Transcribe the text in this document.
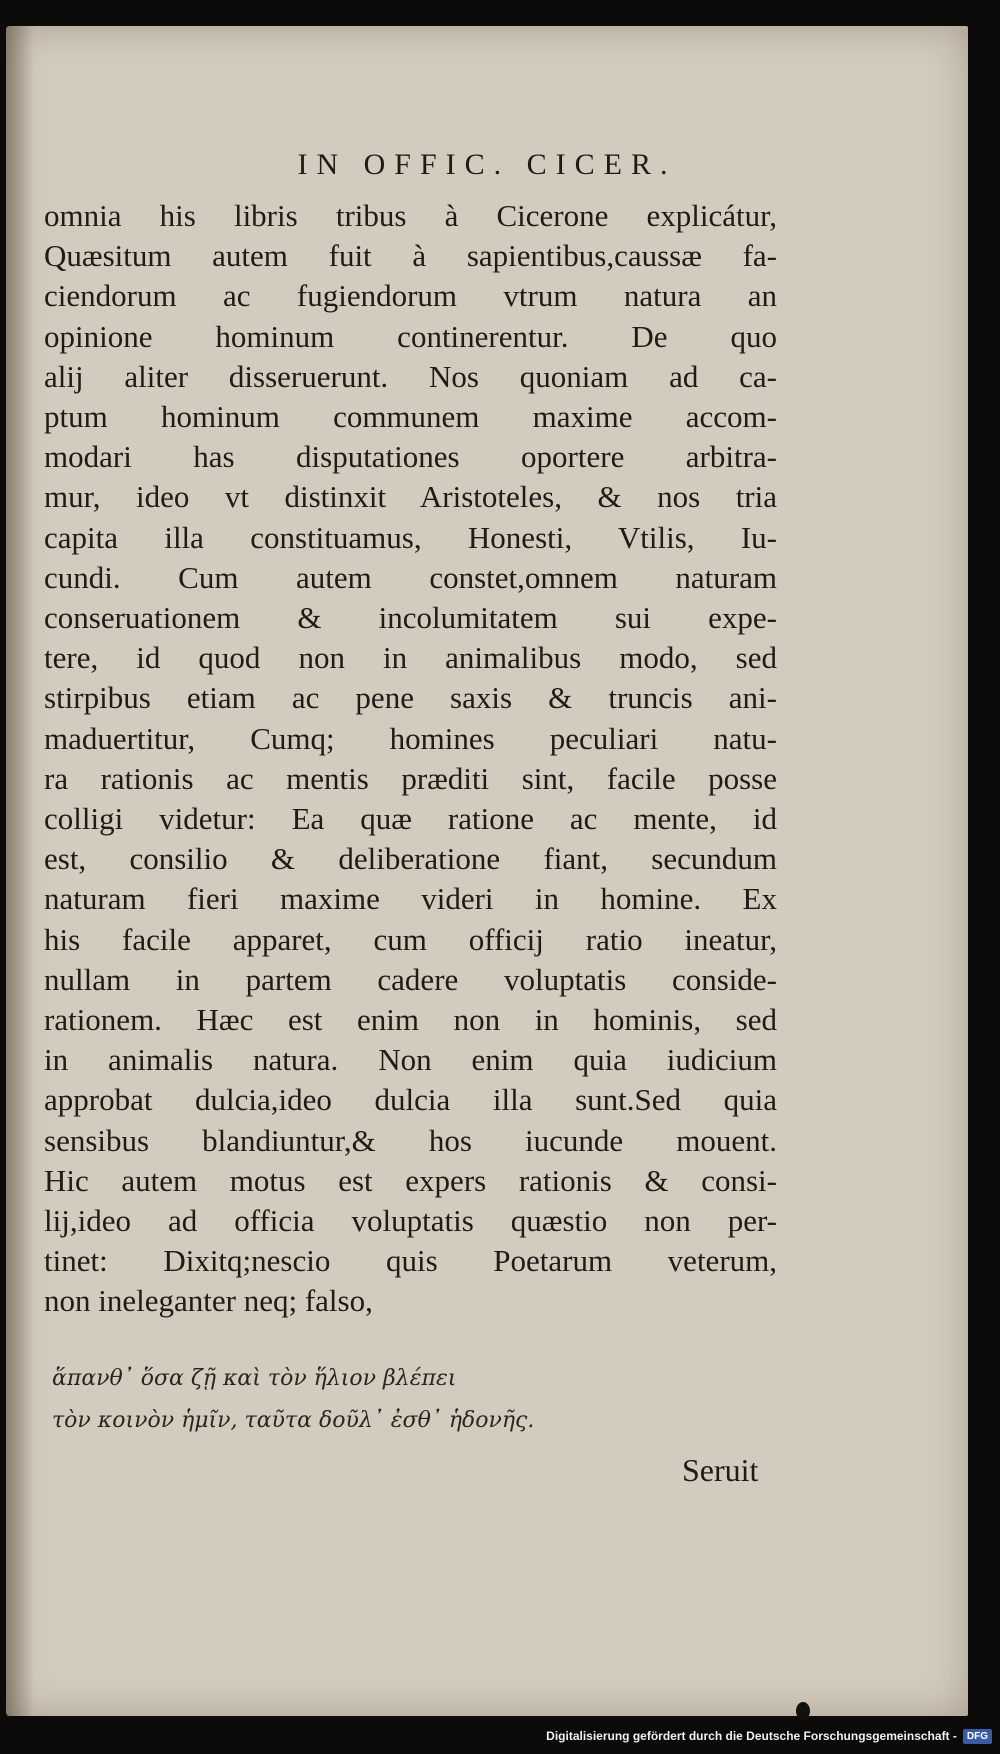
IN OFFIC. CICER.
omnia his libris tribus à Cicerone explicátur,
Quæsitum autem fuit à sapientibus,caussæ fa-
ciendorum ac fugiendorum vtrum natura an
opinione hominum continerentur. De quo
alij aliter disseruerunt. Nos quoniam ad ca-
ptum hominum communem maxime accom-
modari has disputationes oportere arbitra-
mur, ideo vt distinxit Aristoteles, & nos tria
capita illa constituamus, Honesti, Vtilis, Iu-
cundi. Cum autem constet,omnem naturam
conseruationem & incolumitatem sui expe-
tere, id quod non in animalibus modo, sed
stirpibus etiam ac pene saxis & truncis ani-
maduertitur, Cumq; homines peculiari natu-
ra rationis ac mentis præditi sint, facile posse
colligi videtur: Ea quæ ratione ac mente, id
est, consilio & deliberatione fiant, secundum
naturam fieri maxime videri in homine. Ex
his facile apparet, cum officij ratio ineatur,
nullam in partem cadere voluptatis conside-
rationem. Hæc est enim non in hominis, sed
in animalis natura. Non enim quia iudicium
approbat dulcia,ideo dulcia illa sunt.Sed quia
sensibus blandiuntur,& hos iucunde mouent.
Hic autem motus est expers rationis & consi-
lij,ideo ad officia voluptatis quæstio non per-
tinet: Dixitq;nescio quis Poetarum veterum,
non ineleganter neq; falso,
ἅπανθ᾽ ὅσα ζῇ καὶ τὸν ἥλιον βλέπει
τὸν κοινὸν ἡμῖν, ταῦτα δοῦλ᾽ ἐσθ᾽ ἡδονῆς.
Seruit
Digitalisierung gefördert durch die Deutsche Forschungsgemeinschaft -	DFG
